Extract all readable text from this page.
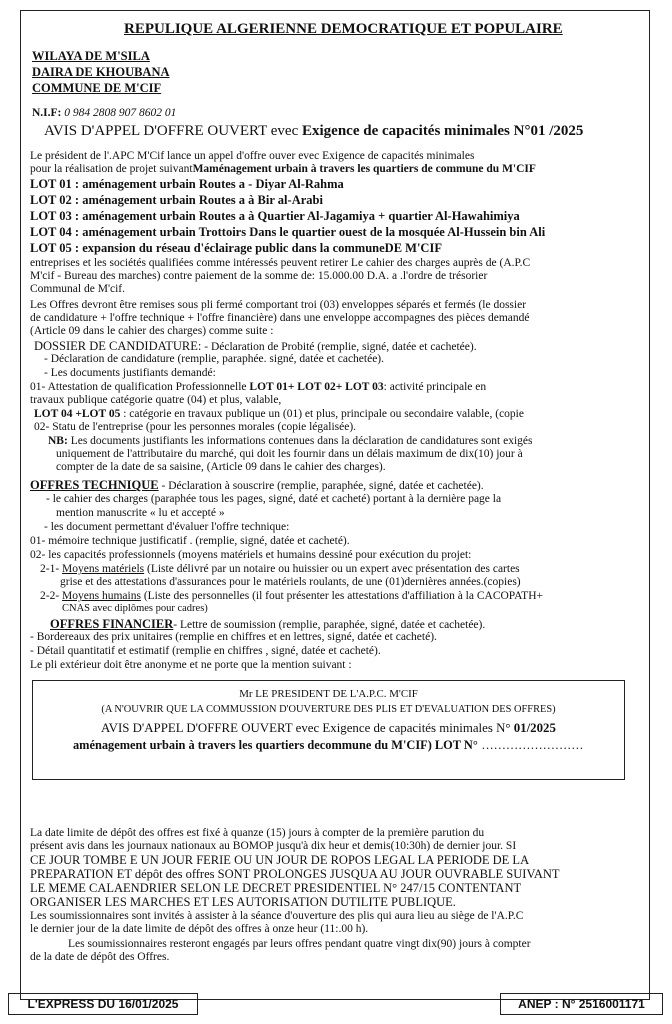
REPULIQUE ALGERIENNE DEMOCRATIQUE ET POPULAIRE
WILAYA DE M'SILA
DAIRA DE KHOUBANA
COMMUNE DE M'CIF
N.I.F: 0 984 2808 907 8602 01
AVIS D'APPEL D'OFFRE OUVERT evec Exigence de capacités minimales N°01 /2025
Le président de l'.APC M'Cif lance un appel d'offre ouver evec Exigence de capacités minimales
pour la réalisation de projet suivantMaménagement urbain à travers les quartiers de commune du M'CIF
LOT 01 : aménagement urbain Routes a - Diyar Al-Rahma
LOT 02 : aménagement urbain Routes a à Bir al-Arabi
LOT 03 : aménagement urbain Routes a à Quartier Al-Jagamiya + quartier Al-Hawahimiya
LOT 04 : aménagement urbain Trottoirs Dans le quartier ouest de la mosquée Al-Hussein bin Ali
LOT 05 : expansion du réseau d'éclairage public dans la communeDE M'CIF
entreprises et les sociétés qualifiées comme intéressés peuvent retirer Le cahier des charges auprès de (A.P.C
M'cif - Bureau des marches) contre paiement de la somme de: 15.000.00 D.A. a .l'ordre de trésorier
Communal de M'cif.
Les Offres devront être remises sous pli fermé comportant troi (03) enveloppes séparés et fermés (le dossier
de candidature + l'offre technique + l'offre financière) dans une enveloppe accompagnes des pièces demandé
(Article 09 dans le cahier des charges) comme suite :
DOSSIER DE CANDIDATURE: - Déclaration de Probité (remplie, signé, datée et cachetée).
- Déclaration de candidature (remplie, paraphée. signé, datée et cachetée).
- Les documents justifiants demandé:
01- Attestation de qualification Professionnelle LOT 01+ LOT 02+ LOT 03: activité principale en
travaux publique catégorie quatre (04) et plus, valable,
LOT 04 +LOT 05 : catégorie en travaux publique un (01) et plus, principale ou secondaire valable, (copie
02- Statu de l'entreprise (pour les personnes morales (copie légalisée).
NB: Les documents justifiants les informations contenues dans la déclaration de candidatures sont exigés
uniquement de l'attributaire du marché, qui doit les fournir dans un délais maximum de dix(10) jour à
compter de la date de sa saisine, (Article 09 dans le cahier des charges).
OFFRES TECHNIQUE - Déclaration à souscrire (remplie, paraphée, signé, datée et cachetée).
- le cahier des charges (paraphée tous les pages, signé, daté et cacheté) portant à la dernière page la
mention manuscrite « lu et accepté »
- les document permettant d'évaluer l'offre technique:
01- mémoire technique justificatif . (remplie, signé, datée et cacheté).
02- les capacités professionnels (moyens matériels et humains dessiné pour exécution du projet:
2-1- Moyens matériels (Liste délivré par un notaire ou huissier ou un expert avec présentation des cartes
grise et des attestations d'assurances pour le matériels roulants, de une (01)dernières années.(copies)
2-2- Moyens humains (Liste des personnelles (il fout présenter les attestations d'affiliation à la CACOPATH+
CNAS avec diplômes pour cadres)
OFFRES FINANCIER- Lettre de soumission (remplie, paraphée, signé, datée et cachetée).
- Bordereaux des prix unitaires (remplie en chiffres et en lettres, signé, datée et cacheté).
- Détail quantitatif et estimatif (remplie en chiffres , signé, datée et cacheté).
Le pli extérieur doit être anonyme et ne porte que la mention suivant :
Mr LE PRESIDENT DE L'A.P.C. M'CIF
(A N'OUVRIR QUE LA COMMUSSION D'OUVERTURE DES PLIS ET D'EVALUATION DES OFFRES)
AVIS D'APPEL D'OFFRE OUVERT evec Exigence de capacités minimales N° 01/2025
aménagement urbain à travers les quartiers decommune du M'CIF) LOT N° .........................
La date limite de dépôt des offres est fixé à quanze (15) jours à compter de la première parution du
présent avis dans les journaux nationaux au BOMOP jusqu'à dix heur et demis(10:30h) de dernier jour. SI
CE JOUR TOMBE E UN JOUR FERIE OU UN JOUR DE ROPOS LEGAL LA PERIODE DE LA
PREPARATION ET dépôt des offres SONT PROLONGES JUSQUA AU JOUR OUVRABLE SUIVANT
LE MEME CALAENDRIER SELON LE DECRET PRESIDENTIEL N° 247/15 CONTENTANT
ORGANISER LES MARCHES ET LES AUTORISATION DUTILITE PUBLIQUE.
Les soumissionnaires sont invités à assister à la séance d'ouverture des plis qui aura lieu au siège de l'A.P.C
le dernier jour de la date limite de dépôt des offres à onze heur (11:.00 h).
Les soumissionnaires resteront engagés par leurs offres pendant quatre vingt dix(90) jours à compter
de la date de dépôt des Offres.
L'EXPRESS DU 16/01/2025	ANEP : N° 2516001171
